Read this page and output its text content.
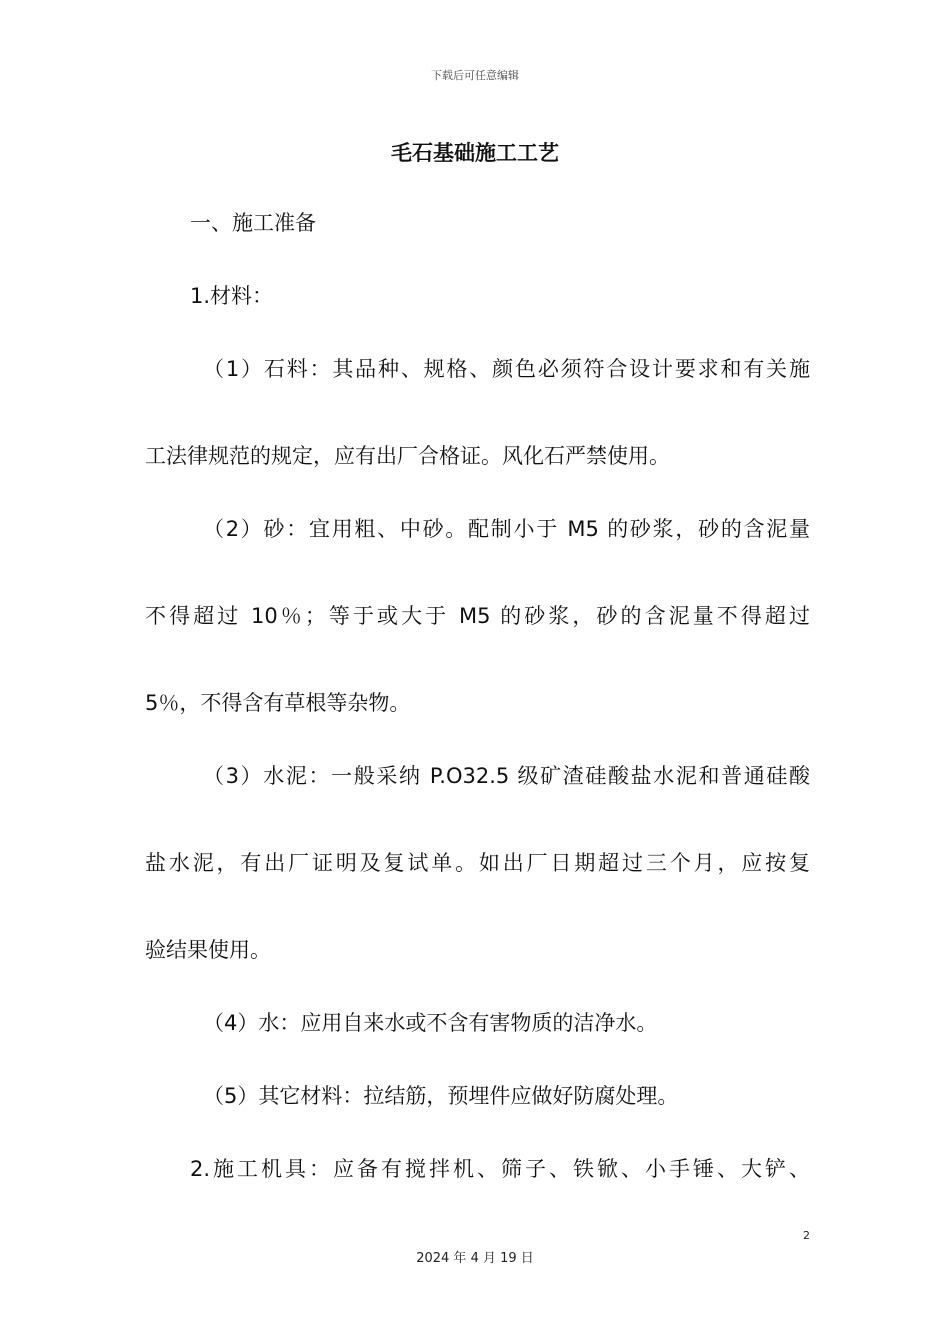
下载后可任意编辑
毛石基础施工工艺
一、施工准备
1.材料：
（1）石料：其品种、规格、颜色必须符合设计要求和有关施
工法律规范的规定，应有出厂合格证。风化石严禁使用。
（2）砂：宜用粗、中砂。配制小于 M5 的砂浆，砂的含泥量
不得超过 10％；等于或大于 M5 的砂浆，砂的含泥量不得超过
5％，不得含有草根等杂物。
（3）水泥：一般采纳 P.O32.5 级矿渣硅酸盐水泥和普通硅酸
盐水泥，有出厂证明及复试单。如出厂日期超过三个月，应按复
验结果使用。
（4）水：应用自来水或不含有害物质的洁净水。
（5）其它材料：拉结筋，预埋件应做好防腐处理。
2.施工机具：应备有搅拌机、筛子、铁锨、小手锤、大铲、
2
2024 年 4 月 19 日
